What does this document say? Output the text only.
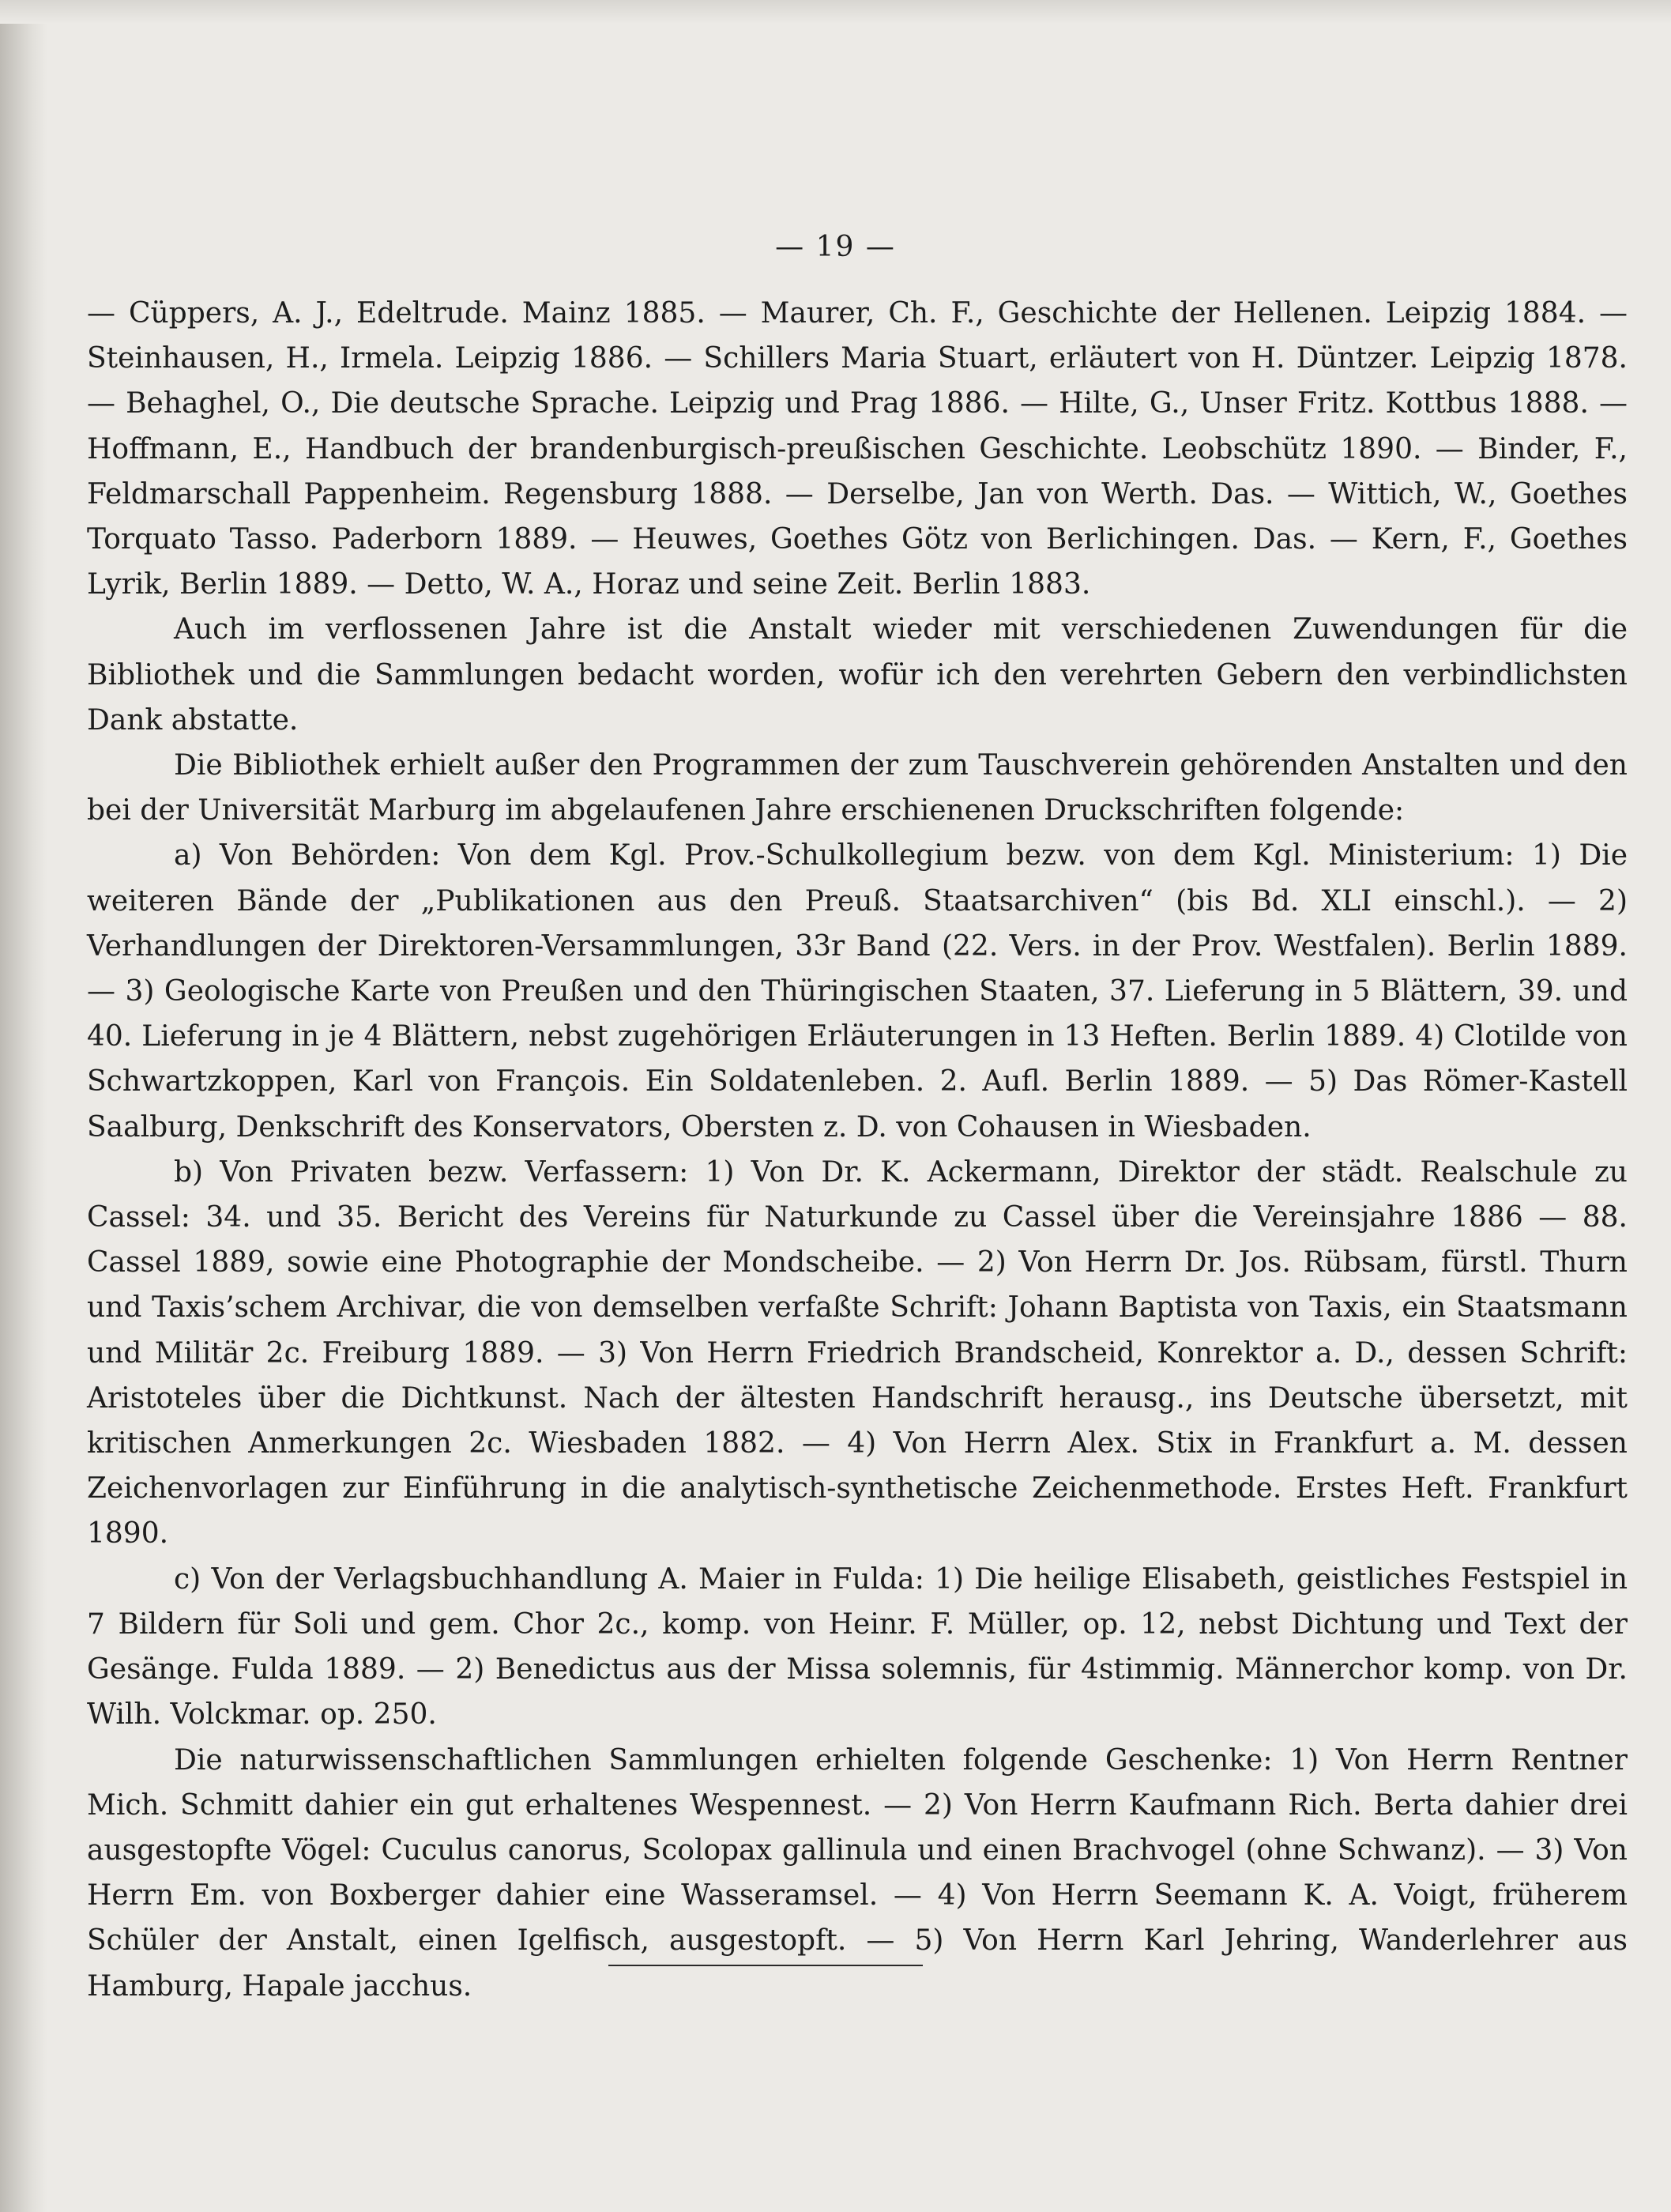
— 19 —

— Cüppers, A. J., Edeltrude. Mainz 1885. — Maurer, Ch. F., Geschichte der Hellenen. Leipzig 1884. — Steinhausen, H., Irmela. Leipzig 1886. — Schillers Maria Stuart, erläutert von H. Düntzer. Leipzig 1878. — Behaghel, O., Die deutsche Sprache. Leipzig und Prag 1886. — Hilte, G., Unser Fritz. Kottbus 1888. — Hoffmann, E., Handbuch der brandenburgisch-preußischen Geschichte. Leobschütz 1890. — Binder, F., Feldmarschall Pappenheim. Regensburg 1888. — Derselbe, Jan von Werth. Das. — Wittich, W., Goethes Torquato Tasso. Paderborn 1889. — Heuwes, Goethes Götz von Berlichingen. Das. — Kern, F., Goethes Lyrik, Berlin 1889. — Detto, W. A., Horaz und seine Zeit. Berlin 1883.

Auch im verflossenen Jahre ist die Anstalt wieder mit verschiedenen Zuwendungen für die Bibliothek und die Sammlungen bedacht worden, wofür ich den verehrten Gebern den verbindlichsten Dank abstatte.

Die Bibliothek erhielt außer den Programmen der zum Tauschverein gehörenden Anstalten und den bei der Universität Marburg im abgelaufenen Jahre erschienenen Druckschriften folgende:

a) Von Behörden: Von dem Kgl. Prov.-Schulkollegium bezw. von dem Kgl. Ministerium: 1) Die weiteren Bände der „Publikationen aus den Preuß. Staatsarchiven“ (bis Bd. XLI einschl.). — 2) Verhandlungen der Direktoren-Versammlungen, 33r Band (22. Vers. in der Prov. Westfalen). Berlin 1889. — 3) Geologische Karte von Preußen und den Thüringischen Staaten, 37. Lieferung in 5 Blättern, 39. und 40. Lieferung in je 4 Blättern, nebst zugehörigen Erläuterungen in 13 Heften. Berlin 1889. 4) Clotilde von Schwartzkoppen, Karl von François. Ein Soldatenleben. 2. Aufl. Berlin 1889. — 5) Das Römer-Kastell Saalburg, Denkschrift des Konservators, Obersten z. D. von Cohausen in Wiesbaden.

b) Von Privaten bezw. Verfassern: 1) Von Dr. K. Ackermann, Direktor der städt. Realschule zu Cassel: 34. und 35. Bericht des Vereins für Naturkunde zu Cassel über die Vereinsjahre 1886 — 88. Cassel 1889, sowie eine Photographie der Mondscheibe. — 2) Von Herrn Dr. Jos. Rübsam, fürstl. Thurn und Taxis’schem Archivar, die von demselben verfaßte Schrift: Johann Baptista von Taxis, ein Staatsmann und Militär 2c. Freiburg 1889. — 3) Von Herrn Friedrich Brandscheid, Konrektor a. D., dessen Schrift: Aristoteles über die Dichtkunst. Nach der ältesten Handschrift herausg., ins Deutsche übersetzt, mit kritischen Anmerkungen 2c. Wiesbaden 1882. — 4) Von Herrn Alex. Stix in Frankfurt a. M. dessen Zeichenvorlagen zur Einführung in die analytisch-synthetische Zeichenmethode. Erstes Heft. Frankfurt 1890.

c) Von der Verlagsbuchhandlung A. Maier in Fulda: 1) Die heilige Elisabeth, geistliches Festspiel in 7 Bildern für Soli und gem. Chor 2c., komp. von Heinr. F. Müller, op. 12, nebst Dichtung und Text der Gesänge. Fulda 1889. — 2) Benedictus aus der Missa solemnis, für 4stimmig. Männerchor komp. von Dr. Wilh. Volckmar. op. 250.

Die naturwissenschaftlichen Sammlungen erhielten folgende Geschenke: 1) Von Herrn Rentner Mich. Schmitt dahier ein gut erhaltenes Wespennest. — 2) Von Herrn Kaufmann Rich. Berta dahier drei ausgestopfte Vögel: Cuculus canorus, Scolopax gallinula und einen Brachvogel (ohne Schwanz). — 3) Von Herrn Em. von Boxberger dahier eine Wasseramsel. — 4) Von Herrn Seemann K. A. Voigt, früherem Schüler der Anstalt, einen Igelfisch, ausgestopft. — 5) Von Herrn Karl Jehring, Wanderlehrer aus Hamburg, Hapale jacchus.
